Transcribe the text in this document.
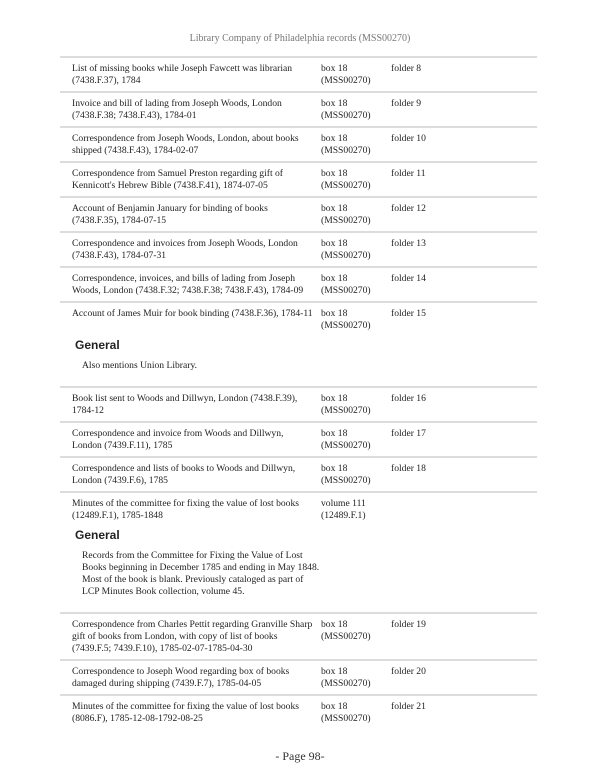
Library Company of Philadelphia records (MSS00270)
List of missing books while Joseph Fawcett was librarian (7438.F.37), 1784
box 18
(MSS00270)
folder 8
Invoice and bill of lading from Joseph Woods, London (7438.F.38; 7438.F.43), 1784-01
box 18
(MSS00270)
folder 9
Correspondence from Joseph Woods, London, about books shipped (7438.F.43), 1784-02-07
box 18
(MSS00270)
folder 10
Correspondence from Samuel Preston regarding gift of Kennicott's Hebrew Bible (7438.F.41), 1874-07-05
box 18
(MSS00270)
folder 11
Account of Benjamin January for binding of books (7438.F.35), 1784-07-15
box 18
(MSS00270)
folder 12
Correspondence and invoices from Joseph Woods, London (7438.F.43), 1784-07-31
box 18
(MSS00270)
folder 13
Correspondence, invoices, and bills of lading from Joseph Woods, London (7438.F.32; 7438.F.38; 7438.F.43), 1784-09
box 18
(MSS00270)
folder 14
Account of James Muir for book binding (7438.F.36), 1784-11 box 18
(MSS00270)
folder 15
General
Also mentions Union Library.
Book list sent to Woods and Dillwyn, London (7438.F.39), 1784-12
box 18
(MSS00270)
folder 16
Correspondence and invoice from Woods and Dillwyn, London (7439.F.11), 1785
box 18
(MSS00270)
folder 17
Correspondence and lists of books to Woods and Dillwyn, London (7439.F.6), 1785
box 18
(MSS00270)
folder 18
Minutes of the committee for fixing the value of lost books (12489.F.1), 1785-1848
volume 111
(12489.F.1)
General
Records from the Committee for Fixing the Value of Lost Books beginning in December 1785 and ending in May 1848. Most of the book is blank. Previously cataloged as part of LCP Minutes Book collection, volume 45.
Correspondence from Charles Pettit regarding Granville Sharp gift of books from London, with copy of list of books (7439.F.5; 7439.F.10), 1785-02-07-1785-04-30
box 18
(MSS00270)
folder 19
Correspondence to Joseph Wood regarding box of books damaged during shipping (7439.F.7), 1785-04-05
box 18
(MSS00270)
folder 20
Minutes of the committee for fixing the value of lost books (8086.F), 1785-12-08-1792-08-25
box 18
(MSS00270)
folder 21
- Page 98-
